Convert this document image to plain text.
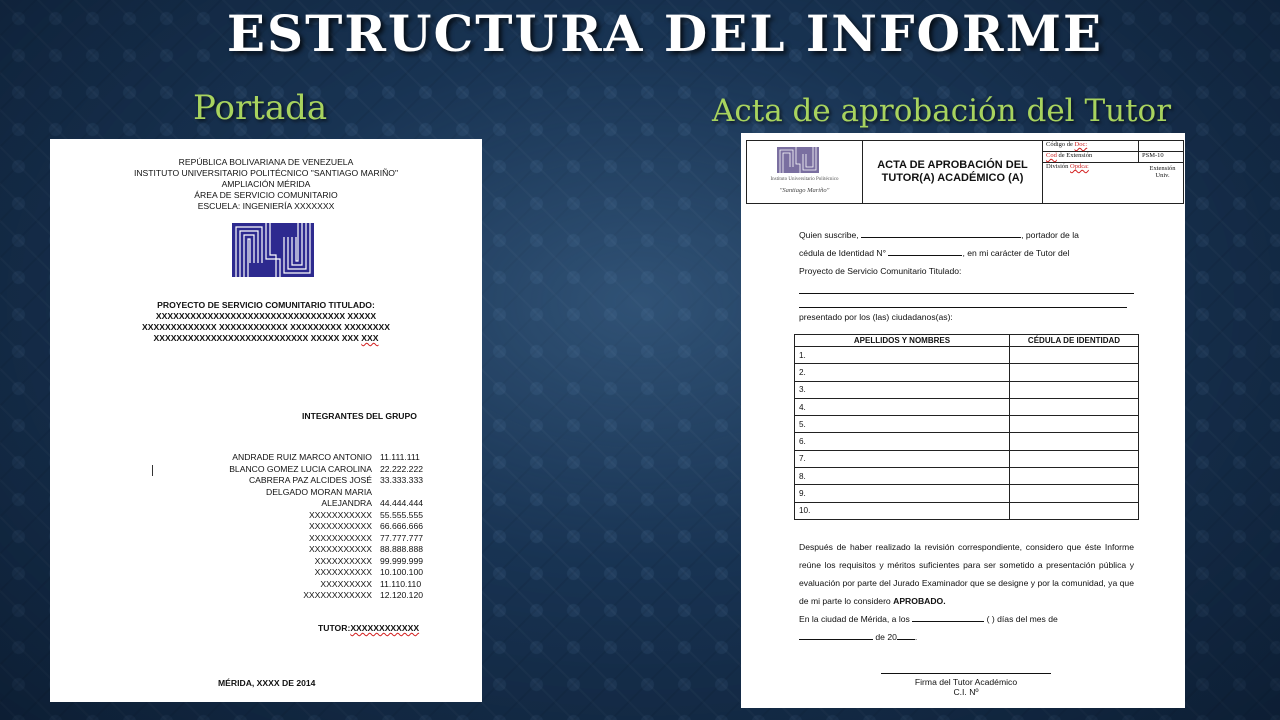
ESTRUCTURA DEL INFORME
Portada	Acta de aprobación del Tutor
REPÚBLICA BOLIVARIANA DE VENEZUELA
INSTITUTO UNIVERSITARIO POLITÉCNICO "SANTIAGO MARIÑO"
AMPLIACIÓN MÉRIDA
ÁREA DE SERVICIO COMUNITARIO
ESCUELA: INGENIERÍA XXXXXXX
PROYECTO DE SERVICIO COMUNITARIO TITULADO:
XXXXXXXXXXXXXXXXXXXXXXXXXXXXXXXXX XXXXX
XXXXXXXXXXXXX XXXXXXXXXXXX XXXXXXXXX XXXXXXXX
XXXXXXXXXXXXXXXXXXXXXXXXXXX XXXXX XXX XXX
INTEGRANTES DEL GRUPO
ANDRADE RUIZ MARCO ANTONIO 11.111.111
BLANCO GOMEZ LUCIA CAROLINA 22.222.222
CABRERA PAZ ALCIDES JOSÉ 33.333.333
DELGADO MORAN MARIA
ALEJANDRA 44.444.444
XXXXXXXXXXX 55.555.555
XXXXXXXXXXX 66.666.666
XXXXXXXXXXX 77.777.777
XXXXXXXXXXX 88.888.888
XXXXXXXXXX 99.999.999
XXXXXXXXXX 10.100.100
XXXXXXXXX 11.110.110
XXXXXXXXXXXX 12.120.120
TUTOR:XXXXXXXXXXXX
MÉRIDA, XXXX DE 2014
Instituto Universitario Politécnico
"Santiago Mariño"
ACTA DE APROBACIÓN DEL TUTOR(A) ACADÉMICO (A)
Código de Doc:
Cod de Extensión	PSM-10
División Opdca:	Extensión Univ.
Quien suscribe,	, portador de la
cédula de Identidad N°	, en mi carácter de Tutor del
Proyecto de Servicio Comunitario Titulado:
presentado por los (las) ciudadanos(as):
APELLIDOS Y NOMBRES	CÉDULA DE IDENTIDAD
1.	
2.	
3.	
4.	
5.	
6.	
7.	
8.	
9.	
10.	
Después de haber realizado la revisión correspondiente, considero que éste Informe reúne los requisitos y méritos suficientes para ser sometido a presentación pública y evaluación por parte del Jurado Examinador que se designe y por la comunidad, ya que de mi parte lo considero APROBADO.
En la ciudad de Mérida, a los	( ) días del mes de
de 20 .
Firma del Tutor Académico
C.I. Nº
